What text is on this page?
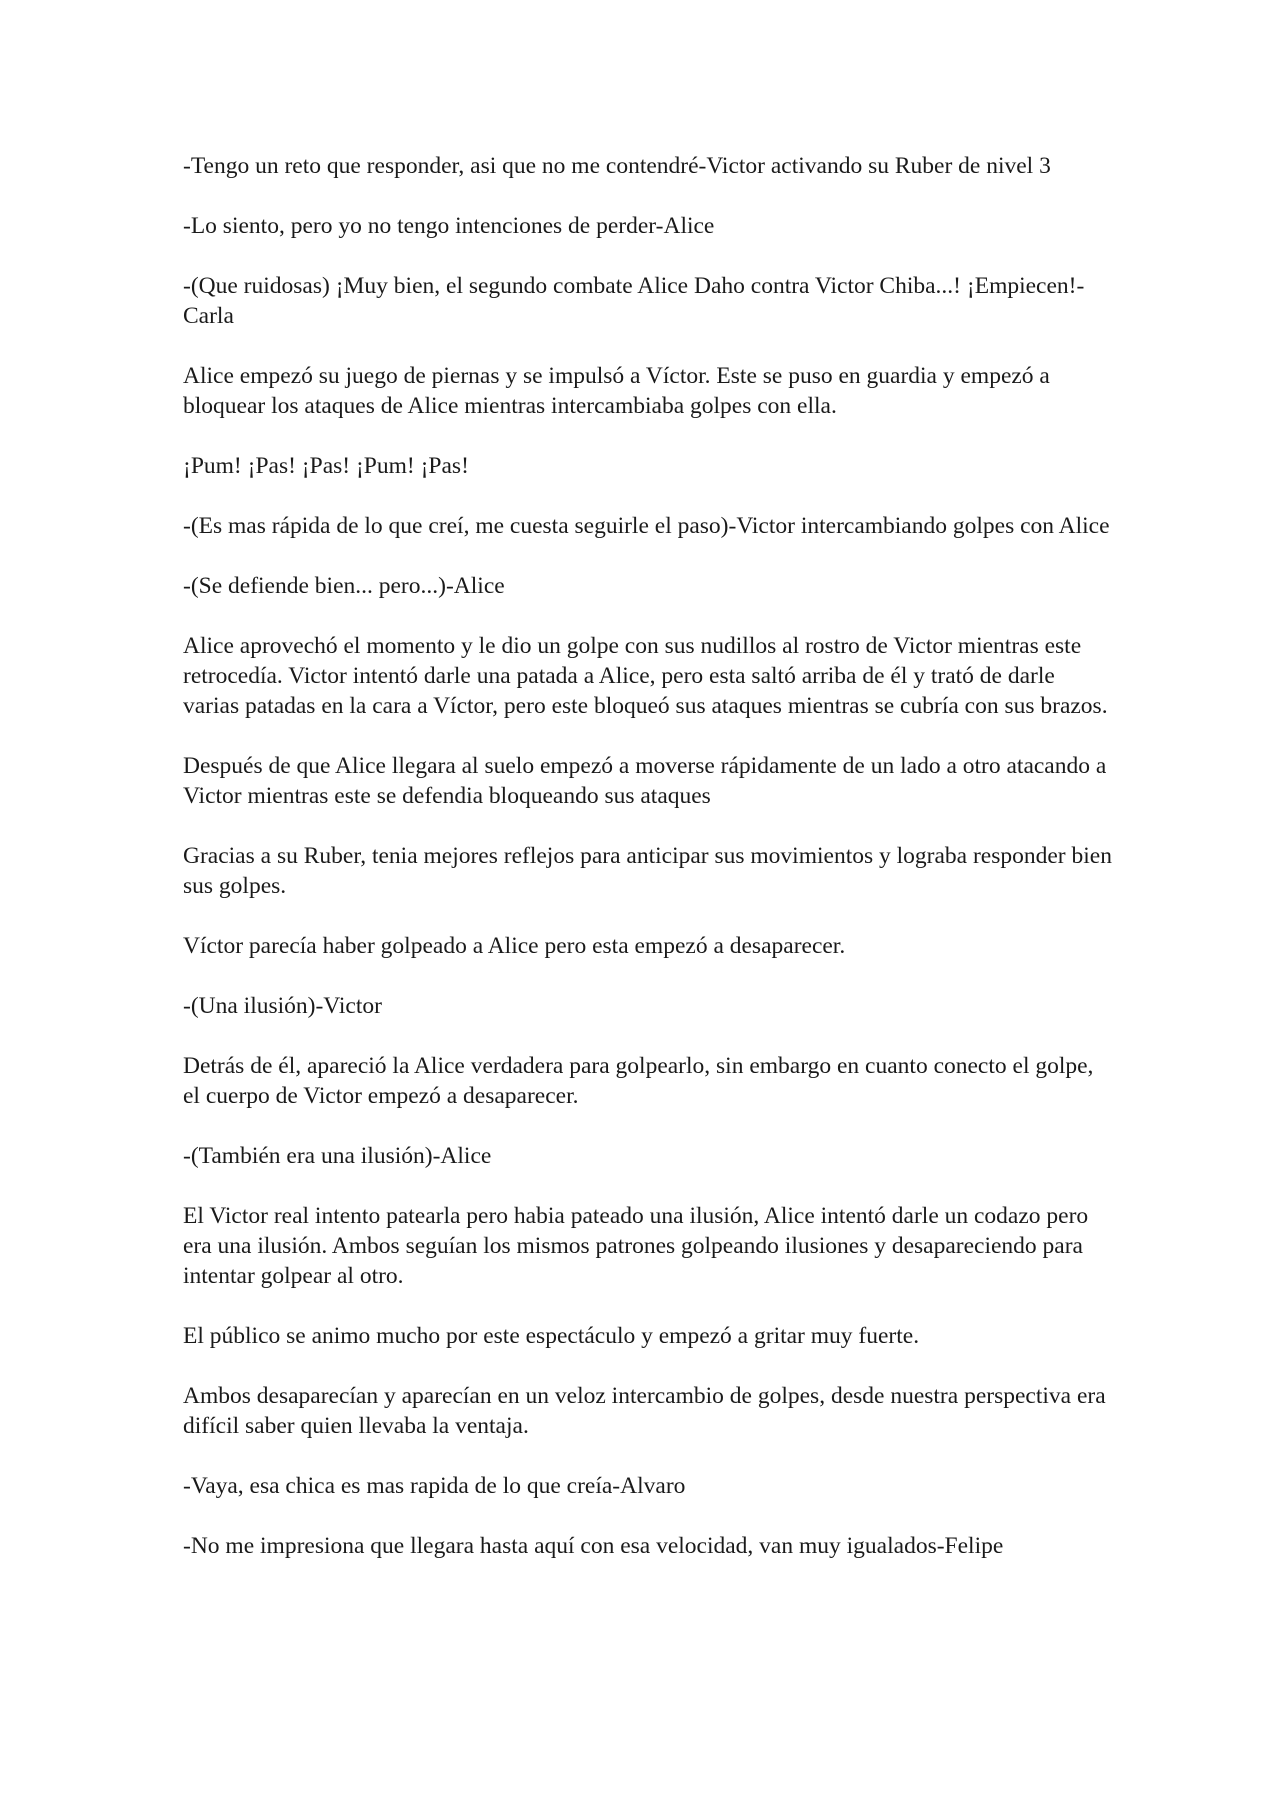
-Tengo un reto que responder, asi que no me contendré-Victor activando su Ruber de nivel 3

-Lo siento, pero yo no tengo intenciones de perder-Alice

-(Que ruidosas) ¡Muy bien, el segundo combate Alice Daho contra Victor Chiba...! ¡Empiecen!-Carla

Alice empezó su juego de piernas y se impulsó a Víctor. Este se puso en guardia y empezó a bloquear los ataques de Alice mientras intercambiaba golpes con ella.

¡Pum! ¡Pas! ¡Pas! ¡Pum! ¡Pas!

-(Es mas rápida de lo que creí, me cuesta seguirle el paso)-Victor intercambiando golpes con Alice

-(Se defiende bien... pero...)-Alice

Alice aprovechó el momento y le dio un golpe con sus nudillos al rostro de Victor mientras este retrocedía. Victor intentó darle una patada a Alice, pero esta saltó arriba de él y trató de darle varias patadas en la cara a Víctor, pero este bloqueó sus ataques mientras se cubría con sus brazos.

Después de que Alice llegara al suelo empezó a moverse rápidamente de un lado a otro atacando a Victor mientras este se defendia bloqueando sus ataques

Gracias a su Ruber, tenia mejores reflejos para anticipar sus movimientos y lograba responder bien sus golpes.

Víctor parecía haber golpeado a Alice pero esta empezó a desaparecer.

-(Una ilusión)-Victor

Detrás de él, apareció la Alice verdadera para golpearlo, sin embargo en cuanto conecto el golpe, el cuerpo de Victor empezó a desaparecer.

-(También era una ilusión)-Alice

El Victor real intento patearla pero habia pateado una ilusión, Alice intentó darle un codazo pero era una ilusión. Ambos seguían los mismos patrones golpeando ilusiones y desapareciendo para intentar golpear al otro.

El público se animo mucho por este espectáculo y empezó a gritar muy fuerte.

Ambos desaparecían y aparecían en un veloz intercambio de golpes, desde nuestra perspectiva era difícil saber quien llevaba la ventaja.

-Vaya, esa chica es mas rapida de lo que creía-Alvaro

-No me impresiona que llegara hasta aquí con esa velocidad, van muy igualados-Felipe
